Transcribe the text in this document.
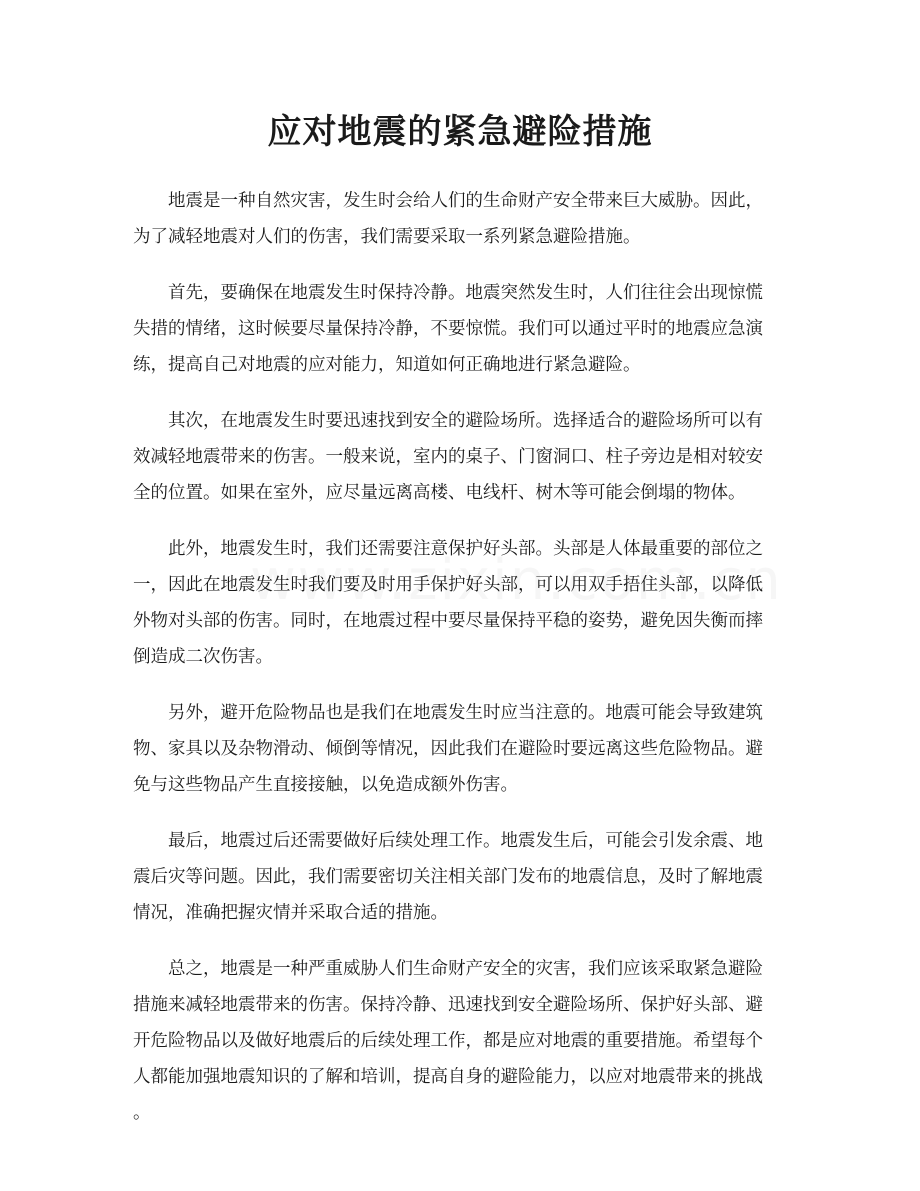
应对地震的紧急避险措施
地震是一种自然灾害，发生时会给人们的生命财产安全带来巨大威胁。因此，
为了减轻地震对人们的伤害，我们需要采取一系列紧急避险措施。
首先，要确保在地震发生时保持冷静。地震突然发生时，人们往往会出现惊慌
失措的情绪，这时候要尽量保持冷静，不要惊慌。我们可以通过平时的地震应急演
练，提高自己对地震的应对能力，知道如何正确地进行紧急避险。
其次，在地震发生时要迅速找到安全的避险场所。选择适合的避险场所可以有
效减轻地震带来的伤害。一般来说，室内的桌子、门窗洞口、柱子旁边是相对较安
全的位置。如果在室外，应尽量远离高楼、电线杆、树木等可能会倒塌的物体。
此外，地震发生时，我们还需要注意保护好头部。头部是人体最重要的部位之
一，因此在地震发生时我们要及时用手保护好头部，可以用双手捂住头部，以降低
外物对头部的伤害。同时，在地震过程中要尽量保持平稳的姿势，避免因失衡而摔
倒造成二次伤害。
另外，避开危险物品也是我们在地震发生时应当注意的。地震可能会导致建筑
物、家具以及杂物滑动、倾倒等情况，因此我们在避险时要远离这些危险物品。避
免与这些物品产生直接接触，以免造成额外伤害。
最后，地震过后还需要做好后续处理工作。地震发生后，可能会引发余震、地
震后灾等问题。因此，我们需要密切关注相关部门发布的地震信息，及时了解地震
情况，准确把握灾情并采取合适的措施。
总之，地震是一种严重威胁人们生命财产安全的灾害，我们应该采取紧急避险
措施来减轻地震带来的伤害。保持冷静、迅速找到安全避险场所、保护好头部、避
开危险物品以及做好地震后的后续处理工作，都是应对地震的重要措施。希望每个
人都能加强地震知识的了解和培训，提高自身的避险能力，以应对地震带来的挑战
。
